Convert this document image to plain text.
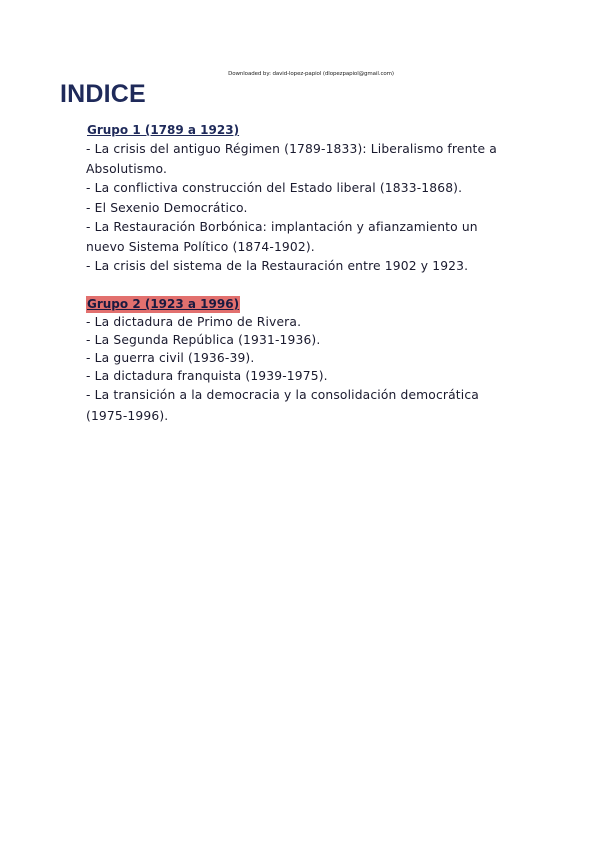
Downloaded by: david-lopez-papiol (dlopezpapiol@gmail.com)
INDICE
Grupo 1 (1789 a 1923)
- La crisis del antiguo Régimen (1789-1833): Liberalismo frente a Absolutismo.
- La conflictiva construcción del Estado liberal (1833-1868).
- El Sexenio Democrático.
- La Restauración Borbónica: implantación y afianzamiento un nuevo Sistema Político (1874-1902).
- La crisis del sistema de la Restauración entre 1902 y 1923.
Grupo 2 (1923 a 1996)
- La dictadura de Primo de Rivera.
- La Segunda República (1931-1936).
- La guerra civil (1936-39).
- La dictadura franquista (1939-1975).
- La transición a la democracia y la consolidación democrática (1975-1996).
